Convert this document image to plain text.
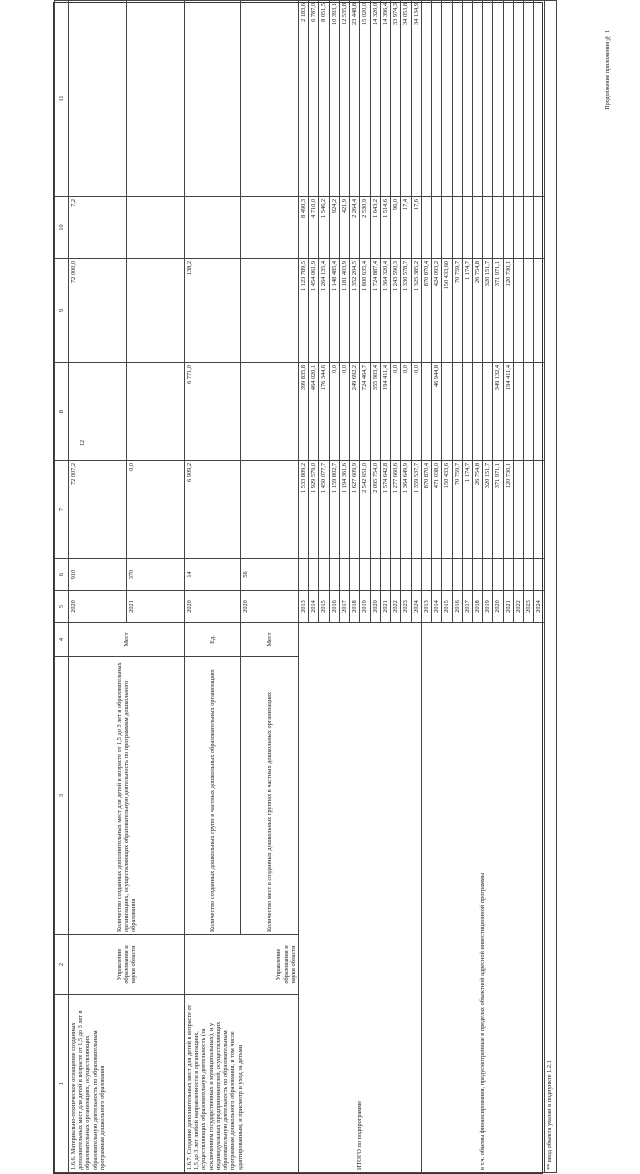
Продолжение приложения № 1
12
1	2	3	4	5	6	7	8	9	10	11
1.6.6. Материально-техническое оснащение созданных дополнительных мест для детей в возрасте от 1,5 до 3 лет в образовательных организациях, осуществляющих образовательную деятельность по образовательным программам дошкольного образования	Управление образования и науки области	Количество созданных дополнительных мест для детей в возрасте от 1,5 до 3 лет в образовательных организациях, осуществляющих образовательную деятельность по программам дошкольного образования	Мест	2020	910	72 007,2		72 000,0	7,2	
				2021	370	0,0				
1.6.7. Создание дополнительных мест для детей в возрасте от 1,5 до 3 лет любой направленности в организациях, осуществляющих образовательную деятельность (за исключением государственных и муниципальных), и у индивидуальных предпринимателей, осуществляющих образовательную деятельность по образовательным программам дошкольного образования, в том числе адаптированным, и присмотр и уход за детьми	Управление образования и науки области	Количество созданных дошкольных групп в частных дошкольных образовательных организациях	Ед.	2020	14	6 909,2	6 771,0	138,2		
		Количество мест в созданных дошкольных группах в частных дошкольных организациях	Мест	2020	56					
ИТОГО по подпрограмме				2013		1 533 809,2	399 835,8	1 123 789,5	8 490,3	2 183,6
				2014		1 929 579,0	464 020,1	1 454 061,9	4 710,0	6 787,0
				2015		1 450 077,7	176 344,6	1 264 135,4	1 546,2	8 051,5
				2016		1 159 802,7	0,0	1 148 485,4	924,2	10 393,1
				2017		1 194 361,6	0,0	1 181 403,9	421,9	12 535,8
				2018		1 627 609,9	249 692,2	1 352 204,5	2 264,4	23 448,8
				2019		2 542 651,0	724 464,7	1 800 635,4	2 530,9	15 020,0
				2020		2 095 754,0	355 903,4	1 724 887,4	1 643,2	14 320,0
				2021		1 574 642,8	194 411,4	1 364 320,4	1 514,6	14 396,4
				2022		1 277 660,6	0,0	1 243 590,3	96,0	33 974,3
				2023		1 364 649,9	0,0	1 330 578,7	17,4	34 053,8
				2024		1 359 537,7	0,0	1 325 385,2	17,6	34 134,9
в т.ч. объемы финансирования, предусмотренные в пределах объектной адресной инвестиционной программы				2013		870 870,4		870 870,4		
				2014		471 038,0	46 944,8	424 093,2		
				2015		150 433,6		150 433,60		
				2016		70 759,7		70 759,7		
				2017		1 174,7		1 174,7		
				2018		26 754,8		26 754,8		
				2019		320 151,7		320 151,7		
				2020		371 971,1	349 132,4	371 971,1		
				2021		120 730,1	194 411,4	120 730,1		
				2022						
				2023						
				2024						
** ввод объекта указан в подпункте 1.2.1										
